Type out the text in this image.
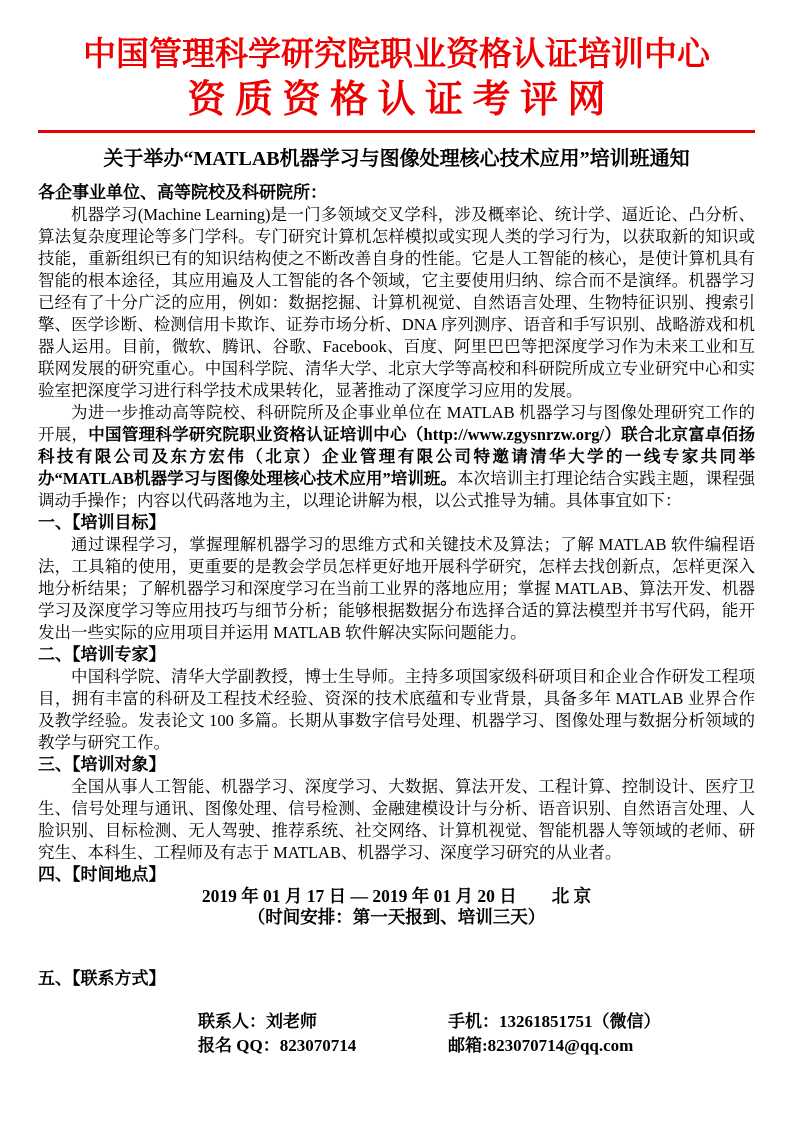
中国管理科学研究院职业资格认证培训中心
资 质 资 格 认 证 考 评 网
关于举办“MATLAB机器学习与图像处理核心技术应用”培训班通知

各企事业单位、高等院校及科研院所：

机器学习(Machine Learning)是一门多领域交叉学科，涉及概率论、统计学、逼近论、凸分析、算法复杂度理论等多门学科。专门研究计算机怎样模拟或实现人类的学习行为，以获取新的知识或技能，重新组织已有的知识结构使之不断改善自身的性能。它是人工智能的核心，是使计算机具有智能的根本途径，其应用遍及人工智能的各个领域，它主要使用归纳、综合而不是演绎。机器学习已经有了十分广泛的应用，例如：数据挖掘、计算机视觉、自然语言处理、生物特征识别、搜索引擎、医学诊断、检测信用卡欺诈、证券市场分析、DNA 序列测序、语音和手写识别、战略游戏和机器人运用。目前，微软、腾讯、谷歌、Facebook、百度、阿里巴巴等把深度学习作为未来工业和互联网发展的研究重心。中国科学院、清华大学、北京大学等高校和科研院所成立专业研究中心和实验室把深度学习进行科学技术成果转化，显著推动了深度学习应用的发展。

为进一步推动高等院校、科研院所及企事业单位在 MATLAB 机器学习与图像处理研究工作的开展，中国管理科学研究院职业资格认证培训中心（http://www.zgysnrzw.org/）联合北京富卓佰扬科技有限公司及东方宏伟（北京）企业管理有限公司特邀请清华大学的一线专家共同举办“MATLAB机器学习与图像处理核心技术应用”培训班。本次培训主打理论结合实践主题，课程强调动手操作；内容以代码落地为主，以理论讲解为根，以公式推导为辅。具体事宜如下：

一、【培训目标】

通过课程学习，掌握理解机器学习的思维方式和关键技术及算法；了解 MATLAB 软件编程语法，工具箱的使用，更重要的是教会学员怎样更好地开展科学研究，怎样去找创新点，怎样更深入地分析结果；了解机器学习和深度学习在当前工业界的落地应用；掌握 MATLAB、算法开发、机器学习及深度学习等应用技巧与细节分析；能够根据数据分布选择合适的算法模型并书写代码，能开发出一些实际的应用项目并运用 MATLAB 软件解决实际问题能力。

二、【培训专家】

中国科学院、清华大学副教授，博士生导师。主持多项国家级科研项目和企业合作研发工程项目，拥有丰富的科研及工程技术经验、资深的技术底蕴和专业背景，具备多年 MATLAB 业界合作及教学经验。发表论文 100 多篇。长期从事数字信号处理、机器学习、图像处理与数据分析领域的教学与研究工作。

三、【培训对象】

全国从事人工智能、机器学习、深度学习、大数据、算法开发、工程计算、控制设计、医疗卫生、信号处理与通讯、图像处理、信号检测、金融建模设计与分析、语音识别、自然语言处理、人脸识别、目标检测、无人驾驶、推荐系统、社交网络、计算机视觉、智能机器人等领域的老师、研究生、本科生、工程师及有志于 MATLAB、机器学习、深度学习研究的从业者。

四、【时间地点】

2019 年 01 月 17 日 — 2019 年 01 月 20 日　　北 京

（时间安排：第一天报到、培训三天）

五、【联系方式】

联系人：刘老师	手机：13261851751（微信）
报名 QQ：823070714	邮箱:823070714@qq.com
